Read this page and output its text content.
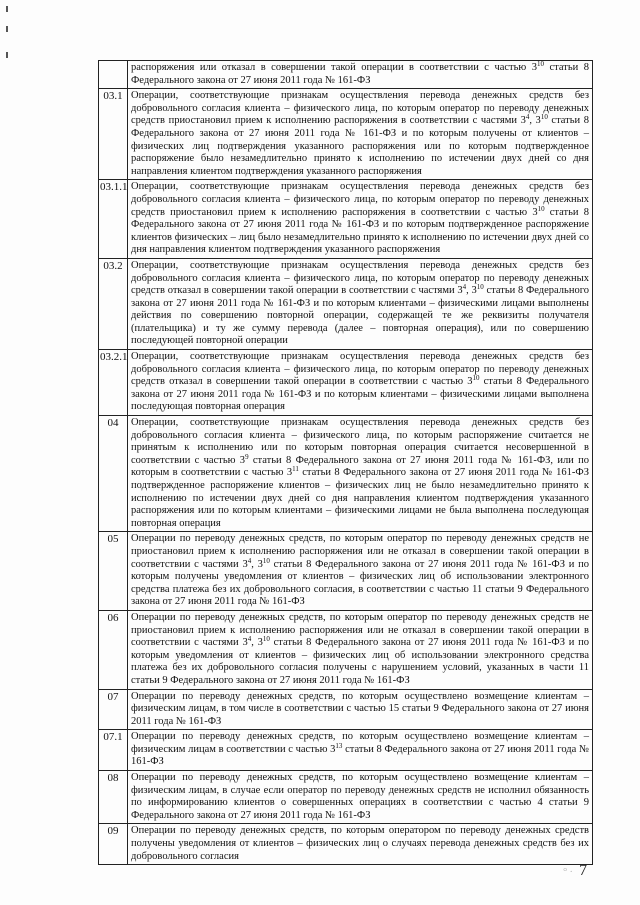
	распоряжения или отказал в совершении такой операции в соответствии с частью $3^{10}$ статьи 8 Федерального закона от 27 июня 2011 года № 161-ФЗ
03.1	Операции, соответствующие признакам осуществления перевода денежных средств без добровольного согласия клиента – физического лица, по которым оператор по переводу денежных средств приостановил прием к исполнению распоряжения в соответствии с частями $3^4$, $3^{10}$ статьи 8 Федерального закона от 27 июня 2011 года № 161-ФЗ и по которым получены от клиентов – физических лиц подтверждения указанного распоряжения или по которым подтвержденное распоряжение было незамедлительно принято к исполнению по истечении двух дней со дня направления клиентом подтверждения указанного распоряжения
03.1.1	Операции, соответствующие признакам осуществления перевода денежных средств без добровольного согласия клиента – физического лица, по которым оператор по переводу денежных средств приостановил прием к исполнению распоряжения в соответствии с частью $3^{10}$ статьи 8 Федерального закона от 27 июня 2011 года № 161-ФЗ и по которым подтвержденное распоряжение клиентов физических – лиц было незамедлительно принято к исполнению по истечении двух дней со дня направления клиентом подтверждения указанного распоряжения
03.2	Операции, соответствующие признакам осуществления перевода денежных средств без добровольного согласия клиента – физического лица, по которым оператор по переводу денежных средств отказал в совершении такой операции в соответствии с частями $3^4$, $3^{10}$ статьи 8 Федерального закона от 27 июня 2011 года № 161-ФЗ и по которым клиентами – физическими лицами выполнены действия по совершению повторной операции, содержащей те же реквизиты получателя (плательщика) и ту же сумму перевода (далее – повторная операция), или по совершению последующей повторной операции
03.2.1	Операции, соответствующие признакам осуществления перевода денежных средств без добровольного согласия клиента – физического лица, по которым оператор по переводу денежных средств отказал в совершении такой операции в соответствии с частью $3^{10}$ статьи 8 Федерального закона от 27 июня 2011 года № 161-ФЗ и по которым клиентами – физическими лицами выполнена последующая повторная операция
04	Операции, соответствующие признакам осуществления перевода денежных средств без добровольного согласия клиента – физического лица, по которым распоряжение считается не принятым к исполнению или по которым повторная операция считается несовершенной в соответствии с частью $3^9$ статьи 8 Федерального закона от 27 июня 2011 года № 161-ФЗ, или по которым в соответствии с частью $3^{11}$ статьи 8 Федерального закона от 27 июня 2011 года № 161-ФЗ подтвержденное распоряжение клиентов – физических лиц не было незамедлительно принято к исполнению по истечении двух дней со дня направления клиентом подтверждения указанного распоряжения или по которым клиентами – физическими лицами не была выполнена последующая повторная операция
05	Операции по переводу денежных средств, по которым оператор по переводу денежных средств не приостановил прием к исполнению распоряжения или не отказал в совершении такой операции в соответствии с частями $3^4$, $3^{10}$ статьи 8 Федерального закона от 27 июня 2011 года № 161-ФЗ и по которым получены уведомления от клиентов – физических лиц об использовании электронного средства платежа без их добровольного согласия, в соответствии с частью 11 статьи 9 Федерального закона от 27 июня 2011 года № 161-ФЗ
06	Операции по переводу денежных средств, по которым оператор по переводу денежных средств не приостановил прием к исполнению распоряжения или не отказал в совершении такой операции в соответствии с частями $3^4$, $3^{10}$ статьи 8 Федерального закона от 27 июня 2011 года № 161-ФЗ и по которым уведомления от клиентов – физических лиц об использовании электронного средства платежа без их добровольного согласия получены с нарушением условий, указанных в части 11 статьи 9 Федерального закона от 27 июня 2011 года № 161-ФЗ
07	Операции по переводу денежных средств, по которым осуществлено возмещение клиентам – физическим лицам, в том числе в соответствии с частью 15 статьи 9 Федерального закона от 27 июня 2011 года № 161-ФЗ
07.1	Операции по переводу денежных средств, по которым осуществлено возмещение клиентам – физическим лицам в соответствии с частью $3^{13}$ статьи 8 Федерального закона от 27 июня 2011 года № 161-ФЗ
08	Операции по переводу денежных средств, по которым осуществлено возмещение клиентам – физическим лицам, в случае если оператор по переводу денежных средств не исполнил обязанность по информированию клиентов о совершенных операциях в соответствии с частью 4 статьи 9 Федерального закона от 27 июня 2011 года № 161-ФЗ
09	Операции по переводу денежных средств, по которым оператором по переводу денежных средств получены уведомления от клиентов – физических лиц о случаях перевода денежных средств без их добровольного согласия
°· 7
